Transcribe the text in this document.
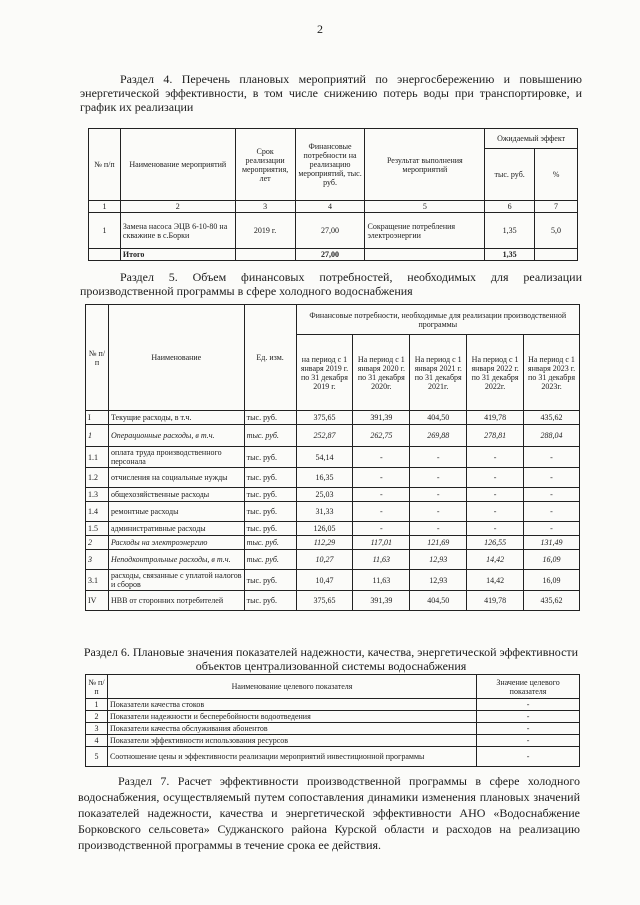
2
Раздел 4. Перечень плановых мероприятий по энергосбережению и повышению энергетической эффективности, в том числе снижению потерь воды при транспортировке, и график их реализации
№ п/п	Наименование мероприятий	Срок реализации мероприятия, лет	Финансовые потребности на реализацию мероприятий, тыс. руб.	Результат выполнения мероприятий	Ожидаемый эффект	
					тыс. руб.	%
1	2	3	4	5	6	7
1	Замена насоса ЭЦВ 6-10-80 на скважине в с.Борки	2019 г.	27,00	Сокращение потребления электроэнергии	1,35	5,0
	Итого		27,00		1,35	
Раздел 5. Объем финансовых потребностей, необходимых для реализации производственной программы в сфере холодного водоснабжения
№ п/п	Наименование	Ед. изм.	Финансовые потребности, необходимые для реализации производственной программы				
			на период с 1 января 2019 г. по 31 декабря 2019 г.	На период с 1 января 2020 г. по 31 декабря 2020г.	На период с 1 января 2021 г. по 31 декабря 2021г.	На период с 1 января 2022 г. по 31 декабря 2022г.	На период с 1 января 2023 г. по 31 декабря 2023г.
I	Текущие расходы, в т.ч.	тыс. руб.	375,65	391,39	404,50	419,78	435,62
1	Операционные расходы, в т.ч.	тыс. руб.	252,87	262,75	269,88	278,81	288,04
1.1	оплата труда производственного персонала	тыс. руб.	54,14	-	-	-	-
1.2	отчисления на социальные нужды	тыс. руб.	16,35	-	-	-	-
1.3	общехозяйственные расходы	тыс. руб.	25,03	-	-	-	-
1.4	ремонтные расходы	тыс. руб.	31,33	-	-	-	-
1.5	административные расходы	тыс. руб.	126,05	-	-	-	-
2	Расходы на электроэнергию	тыс. руб.	112,29	117,01	121,69	126,55	131,49
3	Неподконтрольные расходы, в т.ч.	тыс. руб.	10,27	11,63	12,93	14,42	16,09
3.1	расходы, связанные с уплатой налогов и сборов	тыс. руб.	10,47	11,63	12,93	14,42	16,09
IV	НВВ от сторонних потребителей	тыс. руб.	375,65	391,39	404,50	419,78	435,62
Раздел 6. Плановые значения показателей надежности, качества, энергетической эффективности объектов централизованной системы водоснабжения
№ п/п	Наименование целевого показателя	Значение целевого показателя
1	Показатели качества стоков	-
2	Показатели надежности и бесперебойности водоотведения	-
3	Показатели качества обслуживания абонентов	-
4	Показатели эффективности использования ресурсов	-
5	Соотношение цены и эффективности реализации мероприятий инвестиционной программы	-
Раздел 7. Расчет эффективности производственной программы в сфере холодного водоснабжения, осуществляемый путем сопоставления динамики изменения плановых значений показателей надежности, качества и энергетической эффективности АНО «Водоснабжение Борковского сельсовета» Суджанского района Курской области и расходов на реализацию производственной программы в течение срока ее действия.
